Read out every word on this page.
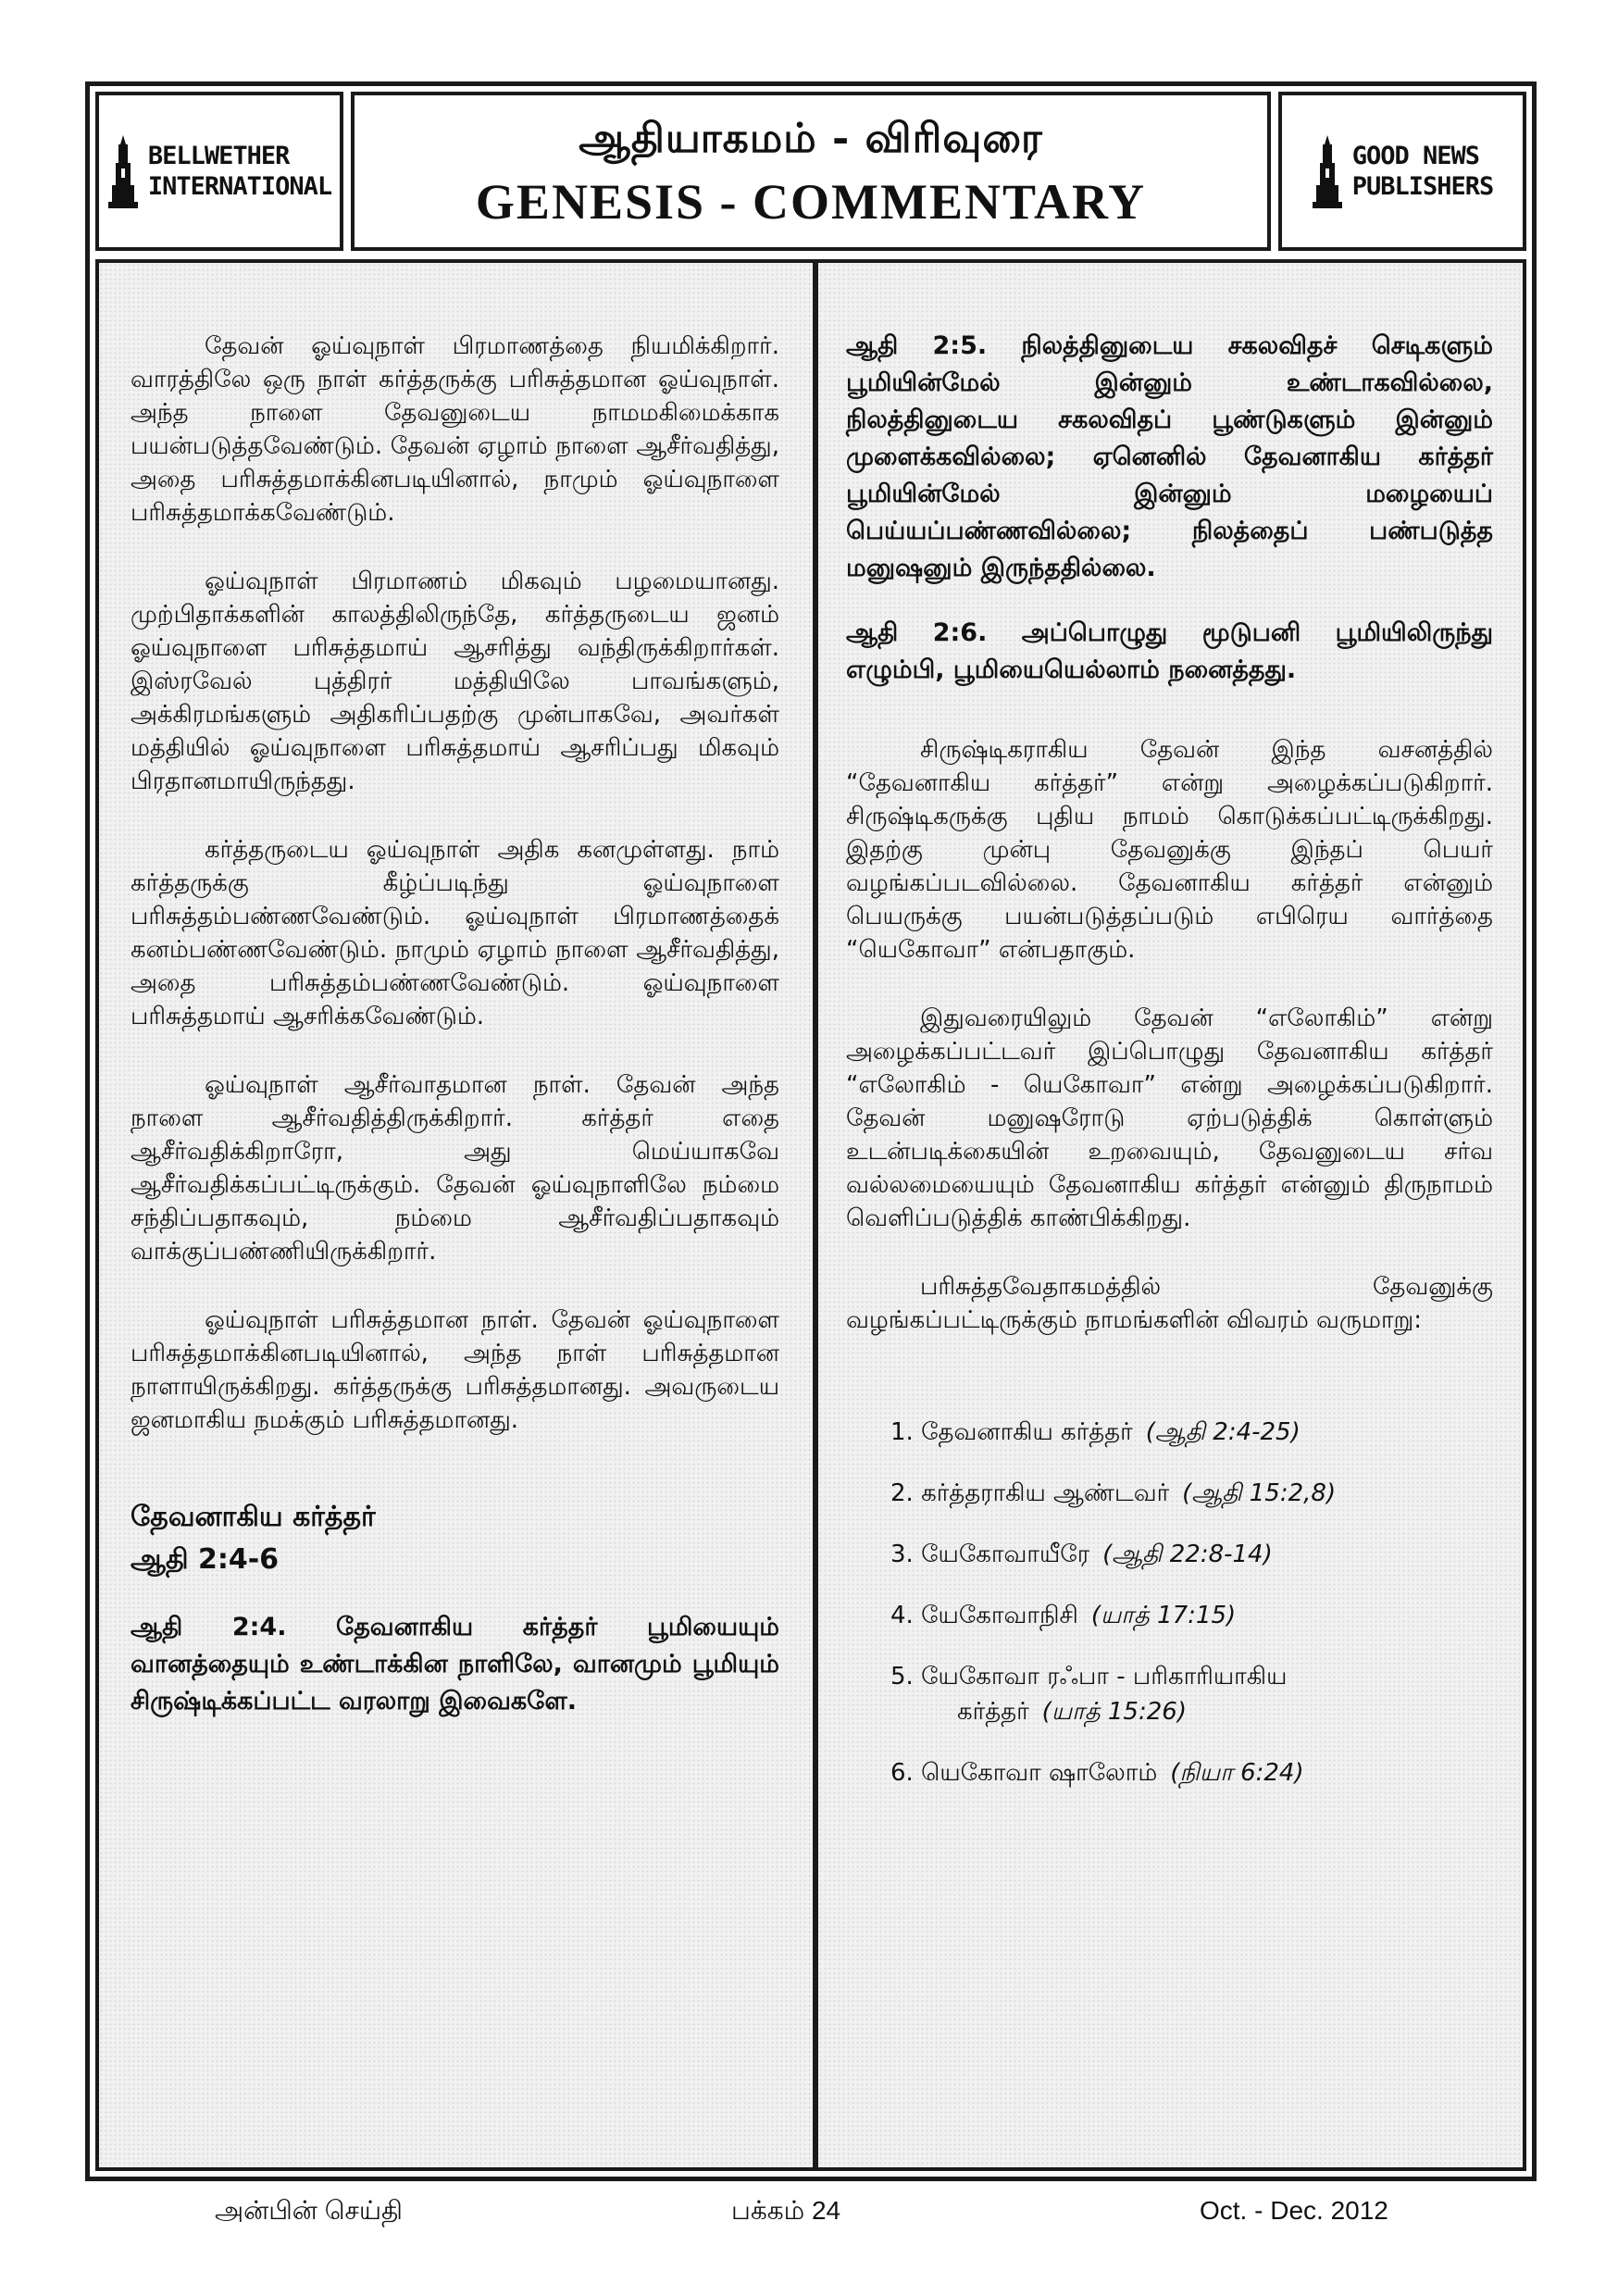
BELLWETHER
INTERNATIONAL
ஆதியாகமம் - விரிவுரை
GENESIS - COMMENTARY
GOOD NEWS
PUBLISHERS

தேவன் ஓய்வுநாள் பிரமாணத்தை நியமிக்கிறார். வாரத்திலே ஒரு நாள் கர்த்தருக்கு பரிசுத்தமான ஓய்வுநாள். அந்த நாளை தேவனுடைய நாமமகிமைக்காக பயன்படுத்தவேண்டும். தேவன் ஏழாம் நாளை ஆசீர்வதித்து, அதை பரிசுத்தமாக்கினபடியினால், நாமும் ஓய்வுநாளை பரிசுத்தமாக்கவேண்டும்.

ஓய்வுநாள் பிரமாணம் மிகவும் பழமையானது. முற்பிதாக்களின் காலத்திலிருந்தே, கர்த்தருடைய ஜனம் ஓய்வுநாளை பரிசுத்தமாய் ஆசரித்து வந்திருக்கிறார்கள். இஸ்ரவேல் புத்திரர் மத்தியிலே பாவங்களும், அக்கிரமங்களும் அதிகரிப்பதற்கு முன்பாகவே, அவர்கள் மத்தியில் ஓய்வுநாளை பரிசுத்தமாய் ஆசரிப்பது மிகவும் பிரதானமாயிருந்தது.

கர்த்தருடைய ஓய்வுநாள் அதிக கனமுள்ளது. நாம் கர்த்தருக்கு கீழ்ப்படிந்து ஓய்வுநாளை பரிசுத்தம்பண்ணவேண்டும். ஓய்வுநாள் பிரமாணத்தைக் கனம்பண்ணவேண்டும். நாமும் ஏழாம் நாளை ஆசீர்வதித்து, அதை பரிசுத்தம்பண்ணவேண்டும். ஓய்வுநாளை பரிசுத்தமாய் ஆசரிக்கவேண்டும்.

ஓய்வுநாள் ஆசீர்வாதமான நாள். தேவன் அந்த நாளை ஆசீர்வதித்திருக்கிறார். கர்த்தர் எதை ஆசீர்வதிக்கிறாரோ, அது மெய்யாகவே ஆசீர்வதிக்கப்பட்டிருக்கும். தேவன் ஓய்வுநாளிலே நம்மை சந்திப்பதாகவும், நம்மை ஆசீர்வதிப்பதாகவும் வாக்குப்பண்ணியிருக்கிறார்.

ஓய்வுநாள் பரிசுத்தமான நாள். தேவன் ஓய்வுநாளை பரிசுத்தமாக்கினபடியினால், அந்த நாள் பரிசுத்தமான நாளாயிருக்கிறது. கர்த்தருக்கு பரிசுத்தமானது. அவருடைய ஜனமாகிய நமக்கும் பரிசுத்தமானது.

தேவனாகிய கர்த்தர்

ஆதி 2:4-6

ஆதி 2:4. தேவனாகிய கர்த்தர் பூமியையும் வானத்தையும் உண்டாக்கின நாளிலே, வானமும் பூமியும் சிருஷ்டிக்கப்பட்ட வரலாறு இவைகளே.

ஆதி 2:5. நிலத்தினுடைய சகலவிதச் செடிகளும் பூமியின்மேல் இன்னும் உண்டாகவில்லை, நிலத்தினுடைய சகலவிதப் பூண்டுகளும் இன்னும் முளைக்கவில்லை; ஏனெனில் தேவனாகிய கர்த்தர் பூமியின்மேல் இன்னும் மழையைப் பெய்யப்பண்ணவில்லை; நிலத்தைப் பண்படுத்த மனுஷனும் இருந்ததில்லை.

ஆதி 2:6. அப்பொழுது மூடுபனி பூமியிலிருந்து எழும்பி, பூமியையெல்லாம் நனைத்தது.

சிருஷ்டிகராகிய தேவன் இந்த வசனத்தில் “தேவனாகிய கர்த்தர்” என்று அழைக்கப்படுகிறார். சிருஷ்டிகருக்கு புதிய நாமம் கொடுக்கப்பட்டிருக்கிறது. இதற்கு முன்பு தேவனுக்கு இந்தப் பெயர் வழங்கப்படவில்லை. தேவனாகிய கர்த்தர் என்னும் பெயருக்கு பயன்படுத்தப்படும் எபிரெய வார்த்தை “யெகோவா” என்பதாகும்.

இதுவரையிலும் தேவன் “எலோகிம்” என்று அழைக்கப்பட்டவர் இப்பொழுது தேவனாகிய கர்த்தர் “எலோகிம் - யெகோவா” என்று அழைக்கப்படுகிறார். தேவன் மனுஷரோடு ஏற்படுத்திக் கொள்ளும் உடன்படிக்கையின் உறவையும், தேவனுடைய சர்வ வல்லமையையும் தேவனாகிய கர்த்தர் என்னும் திருநாமம் வெளிப்படுத்திக் காண்பிக்கிறது.

பரிசுத்தவேதாகமத்தில் தேவனுக்கு வழங்கப்பட்டிருக்கும் நாமங்களின் விவரம் வருமாறு:

1. தேவனாகிய கர்த்தர் (ஆதி 2:4-25)
2. கர்த்தராகிய ஆண்டவர் (ஆதி 15:2,8)
3. யேகோவாயீரே (ஆதி 22:8-14)
4. யேகோவாநிசி (யாத் 17:15)
5. யேகோவா ரஃபா - பரிகாரியாகிய
கர்த்தர் (யாத் 15:26)
6. யெகோவா ஷாலோம் (நியா 6:24)
அன்பின் செய்தி	பக்கம் 24	Oct. - Dec. 2012
